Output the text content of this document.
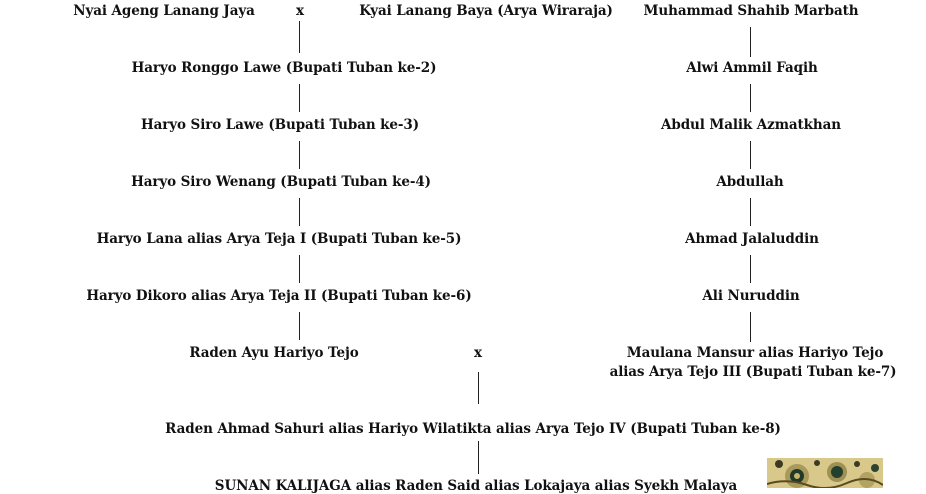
Nyai Ageng Lanang Jaya	x	Kyai Lanang Baya (Arya Wiraraja) Muhammad Shahib Marbath
Haryo Ronggo Lawe (Bupati Tuban ke-2)
Haryo Siro Lawe (Bupati Tuban ke-3)
Haryo Siro Wenang (Bupati Tuban ke-4)
Haryo Lana alias Arya Teja I (Bupati Tuban ke-5)
Haryo Dikoro alias Arya Teja II (Bupati Tuban ke-6)
Raden Ayu Hariyo Tejo
Alwi Ammil Faqih
Abdul Malik Azmatkhan
Abdullah
Ahmad Jalaluddin
Ali Nuruddin
Maulana Mansur alias Hariyo Tejo
alias Arya Tejo III (Bupati Tuban ke-7)
x
Raden Ahmad Sahuri alias Hariyo Wilatikta alias Arya Tejo IV (Bupati Tuban ke-8)
SUNAN KALIJAGA alias Raden Said alias Lokajaya alias Syekh Malaya
